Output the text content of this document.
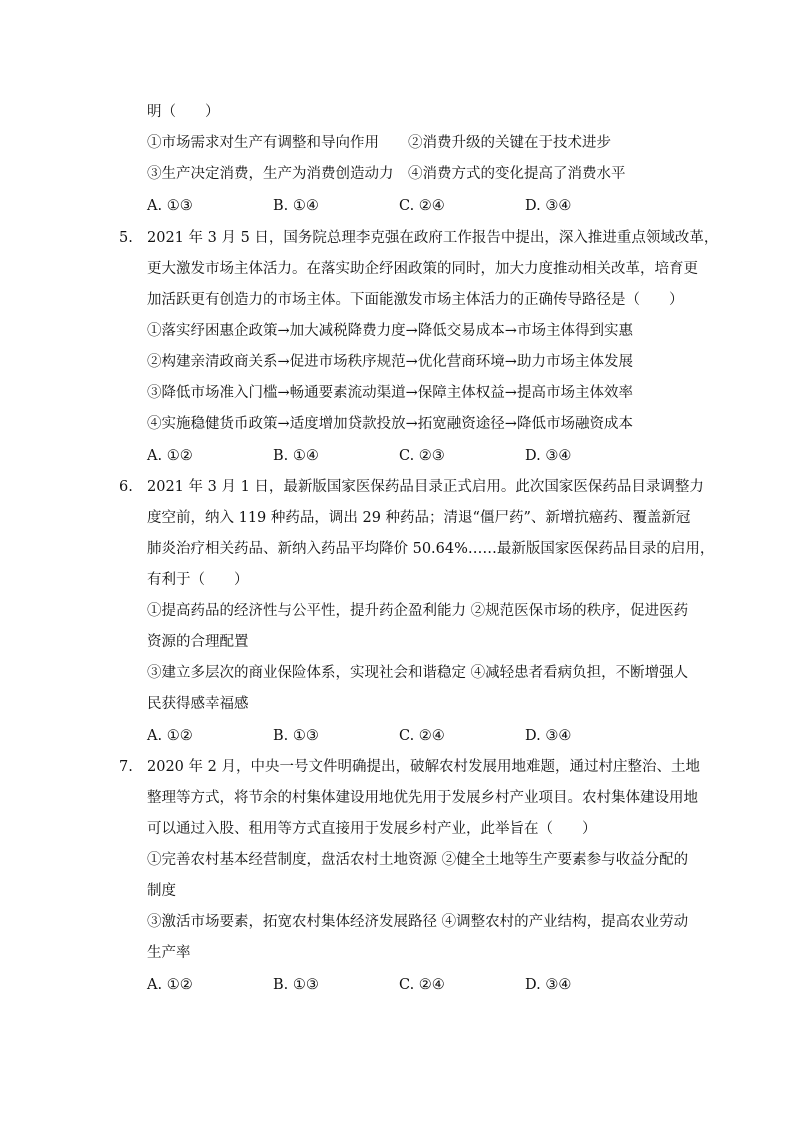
明（　　）
①市场需求对生产有调整和导向作用　　②消费升级的关键在于技术进步
③生产决定消费，生产为消费创造动力　④消费方式的变化提高了消费水平
A. ①③	B. ①④	C. ②④	D. ③④
5. 2021 年 3 月 5 日，国务院总理李克强在政府工作报告中提出，深入推进重点领域改革，
更大激发市场主体活力。在落实助企纾困政策的同时，加大力度推动相关改革，培育更
加活跃更有创造力的市场主体。下面能激发市场主体活力的正确传导路径是（　　）
①落实纾困惠企政策→加大减税降费力度→降低交易成本→市场主体得到实惠
②构建亲清政商关系→促进市场秩序规范→优化营商环境→助力市场主体发展
③降低市场准入门槛→畅通要素流动渠道→保障主体权益→提高市场主体效率
④实施稳健货币政策→适度增加贷款投放→拓宽融资途径→降低市场融资成本
A. ①②	B. ①④	C. ②③	D. ③④
6. 2021 年 3 月 1 日，最新版国家医保药品目录正式启用。此次国家医保药品目录调整力
度空前，纳入 119 种药品，调出 29 种药品；清退“僵尸药”、新增抗癌药、覆盖新冠
肺炎治疗相关药品、新纳入药品平均降价 50.64%……最新版国家医保药品目录的启用，
有利于（　　）
①提高药品的经济性与公平性，提升药企盈利能力 ②规范医保市场的秩序，促进医药
资源的合理配置
③建立多层次的商业保险体系，实现社会和谐稳定 ④减轻患者看病负担，不断增强人
民获得感幸福感
A. ①②	B. ①③	C. ②④	D. ③④
7. 2020 年 2 月，中央一号文件明确提出，破解农村发展用地难题，通过村庄整治、土地
整理等方式，将节余的村集体建设用地优先用于发展乡村产业项目。农村集体建设用地
可以通过入股、租用等方式直接用于发展乡村产业，此举旨在（　　）
①完善农村基本经营制度，盘活农村土地资源 ②健全土地等生产要素参与收益分配的
制度
③激活市场要素，拓宽农村集体经济发展路径 ④调整农村的产业结构，提高农业劳动
生产率
A. ①②	B. ①③	C. ②④	D. ③④
